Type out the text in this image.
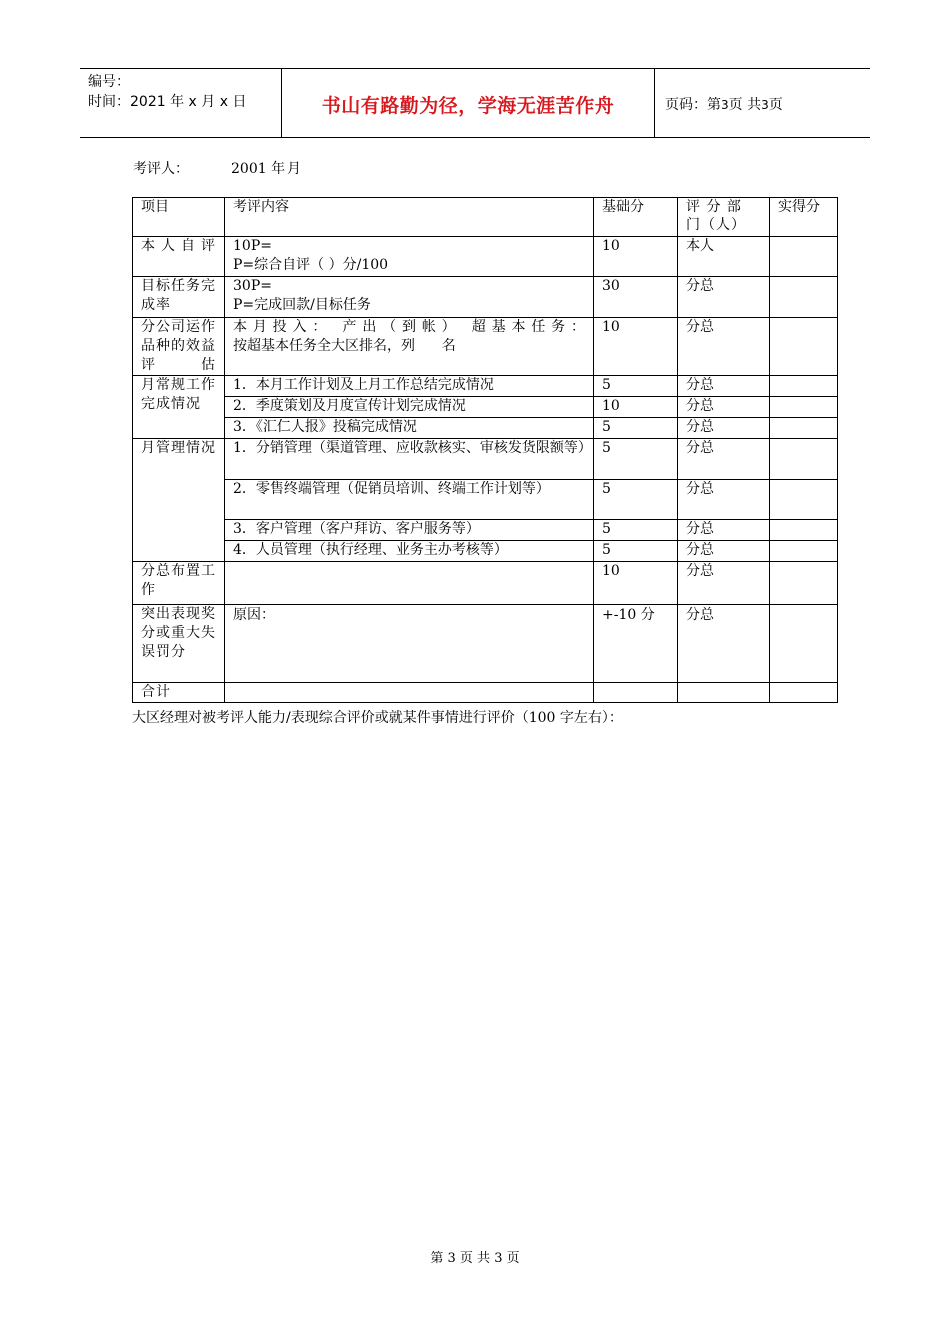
编号：
时间：2021 年 x 月 x 日	书山有路勤为径，学海无涯苦作舟	页码：第3页 共3页
考评人：	2001 年 月
项目	考评内容	基础分	评 分 部 门（人）	实得分
本人自评	10P=
P=综合自评（ ）分/100	10	本人	
目标任务完成率	30P=
P=完成回款/目标任务	30	分总	
分公司运作品种的效益评估	本月投入： 产出（到帐） 超基本任务：
按超基本任务全大区排名，列      名	10	分总	
月常规工作完成情况	1．本月工作计划及上月工作总结完成情况	5	分总	
	2．季度策划及月度宣传计划完成情况	10	分总	
	3．《汇仁人报》投稿完成情况	5	分总	
月管理情况	1．分销管理（渠道管理、应收款核实、审核发货限额等）	5	分总	
	2．零售终端管理（促销员培训、终端工作计划等）	5	分总	
	3．客户管理（客户拜访、客户服务等）	5	分总	
	4．人员管理（执行经理、业务主办考核等）	5	分总	
分总布置工作		10	分总	
突出表现奖分或重大失误罚分	原因：	+-10 分	分总	
合计				
大区经理对被考评人能力/表现综合评价或就某件事情进行评价（100 字左右）：
第 3 页 共 3 页
